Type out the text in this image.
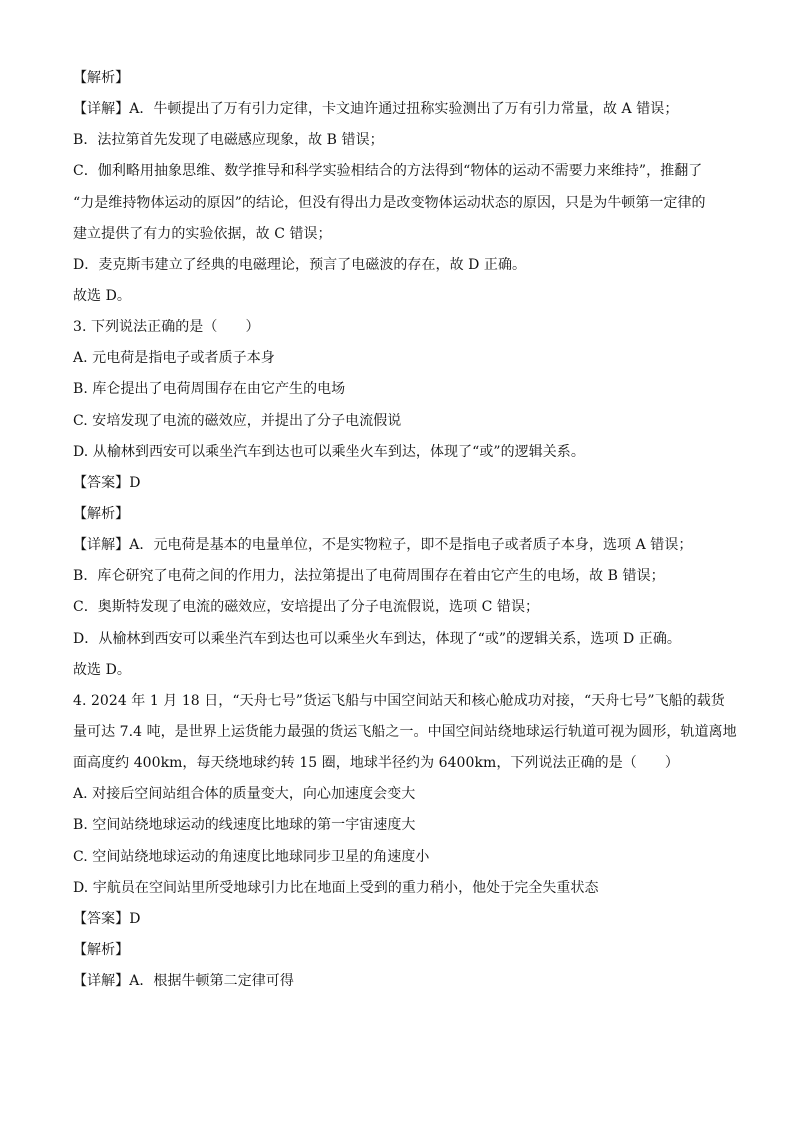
【解析】
【详解】A．牛顿提出了万有引力定律，卡文迪许通过扭称实验测出了万有引力常量，故 A 错误；
B．法拉第首先发现了电磁感应现象，故 B 错误；
C．伽利略用抽象思维、数学推导和科学实验相结合的方法得到“物体的运动不需要力来维持”，推翻了
“力是维持物体运动的原因”的结论，但没有得出力是改变物体运动状态的原因，只是为牛顿第一定律的
建立提供了有力的实验依据，故 C 错误；
D．麦克斯韦建立了经典的电磁理论，预言了电磁波的存在，故 D 正确。
故选 D。
3. 下列说法正确的是（　　）
A. 元电荷是指电子或者质子本身
B. 库仑提出了电荷周围存在由它产生的电场
C. 安培发现了电流的磁效应，并提出了分子电流假说
D. 从榆林到西安可以乘坐汽车到达也可以乘坐火车到达，体现了“或”的逻辑关系。
【答案】D
【解析】
【详解】A．元电荷是基本的电量单位，不是实物粒子，即不是指电子或者质子本身，选项 A 错误；
B．库仑研究了电荷之间的作用力，法拉第提出了电荷周围存在着由它产生的电场，故 B 错误；
C．奥斯特发现了电流的磁效应，安培提出了分子电流假说，选项 C 错误；
D．从榆林到西安可以乘坐汽车到达也可以乘坐火车到达，体现了“或”的逻辑关系，选项 D 正确。
故选 D。
4. 2024 年 1 月 18 日，“天舟七号”货运飞船与中国空间站天和核心舱成功对接，“天舟七号”飞船的载货
量可达 7.4 吨，是世界上运货能力最强的货运飞船之一。中国空间站绕地球运行轨道可视为圆形，轨道离地
面高度约 400km，每天绕地球约转 15 圈，地球半径约为 6400km，下列说法正确的是（　　）
A. 对接后空间站组合体的质量变大，向心加速度会变大
B. 空间站绕地球运动的线速度比地球的第一宇宙速度大
C. 空间站绕地球运动的角速度比地球同步卫星的角速度小
D. 宇航员在空间站里所受地球引力比在地面上受到的重力稍小，他处于完全失重状态
【答案】D
【解析】
【详解】A．根据牛顿第二定律可得
